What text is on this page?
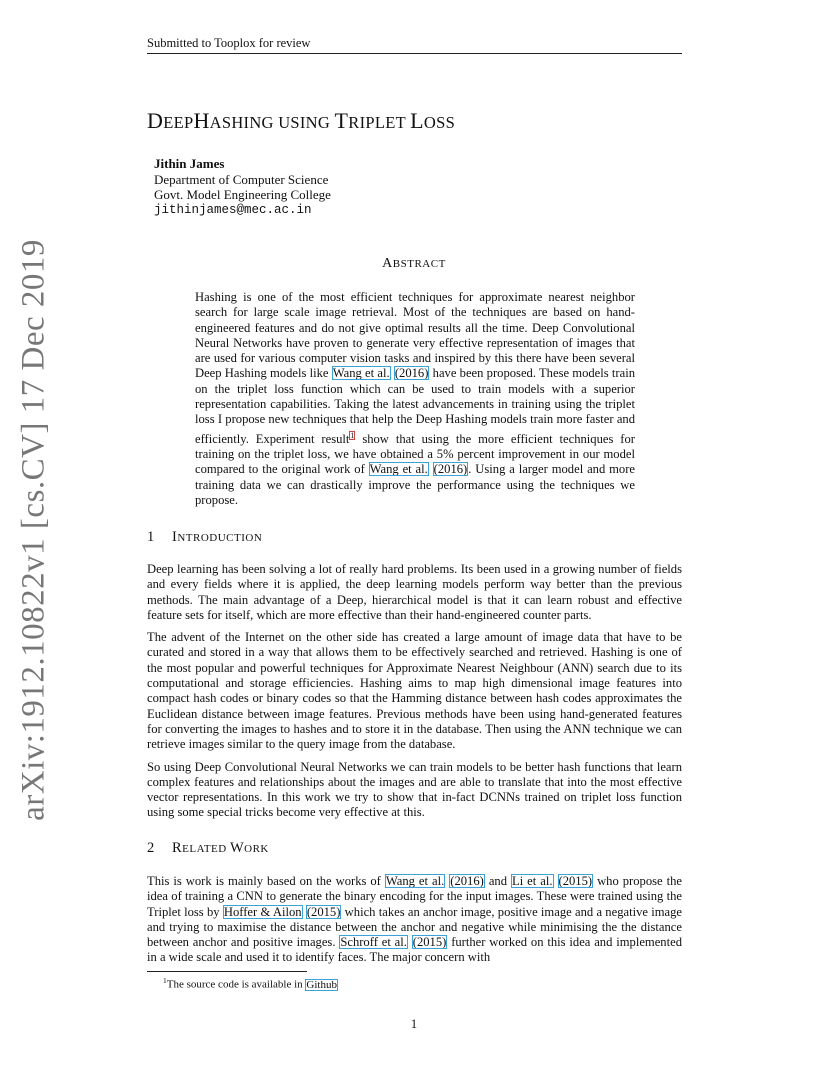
Submitted to Tooplox for review
arXiv:1912.10822v1 [cs.CV] 17 Dec 2019
DEEPHASHING USING TRIPLET LOSS
Jithin James
Department of Computer Science
Govt. Model Engineering College
jithinjames@mec.ac.in
ABSTRACT
Hashing is one of the most efficient techniques for approximate nearest neighbor search for large scale image retrieval. Most of the techniques are based on hand-engineered features and do not give optimal results all the time. Deep Convolutional Neural Networks have proven to generate very effective representation of images that are used for various computer vision tasks and inspired by this there have been several Deep Hashing models like Wang et al. (2016) have been proposed. These models train on the triplet loss function which can be used to train models with a superior representation capabilities. Taking the latest advancements in training using the triplet loss I propose new techniques that help the Deep Hashing models train more faster and efficiently. Experiment result$^1$ show that using the more efficient techniques for training on the triplet loss, we have obtained a 5% percent improvement in our model compared to the original work of Wang et al. (2016). Using a larger model and more training data we can drastically improve the performance using the techniques we propose.
1 INTRODUCTION

Deep learning has been solving a lot of really hard problems. Its been used in a growing number of fields and every fields where it is applied, the deep learning models perform way better than the previous methods. The main advantage of a Deep, hierarchical model is that it can learn robust and effective feature sets for itself, which are more effective than their hand-engineered counter parts.

The advent of the Internet on the other side has created a large amount of image data that have to be curated and stored in a way that allows them to be effectively searched and retrieved. Hashing is one of the most popular and powerful techniques for Approximate Nearest Neighbour (ANN) search due to its computational and storage efficiencies. Hashing aims to map high dimensional image features into compact hash codes or binary codes so that the Hamming distance between hash codes approximates the Euclidean distance between image features. Previous methods have been using hand-generated features for converting the images to hashes and to store it in the database. Then using the ANN technique we can retrieve images similar to the query image from the database.

So using Deep Convolutional Neural Networks we can train models to be better hash functions that learn complex features and relationships about the images and are able to translate that into the most effective vector representations. In this work we try to show that in-fact DCNNs trained on triplet loss function using some special tricks become very effective at this.

2 RELATED WORK
This is work is mainly based on the works of Wang et al. (2016) and Li et al. (2015) who propose the idea of training a CNN to generate the binary encoding for the input images. These were trained using the Triplet loss by Hoffer & Ailon (2015) which takes an anchor image, positive image and a negative image and trying to maximise the distance between the anchor and negative while minimising the the distance between anchor and positive images. Schroff et al. (2015) further worked on this idea and implemented in a wide scale and used it to identify faces. The major concern with
$^1$The source code is available in Github
1
